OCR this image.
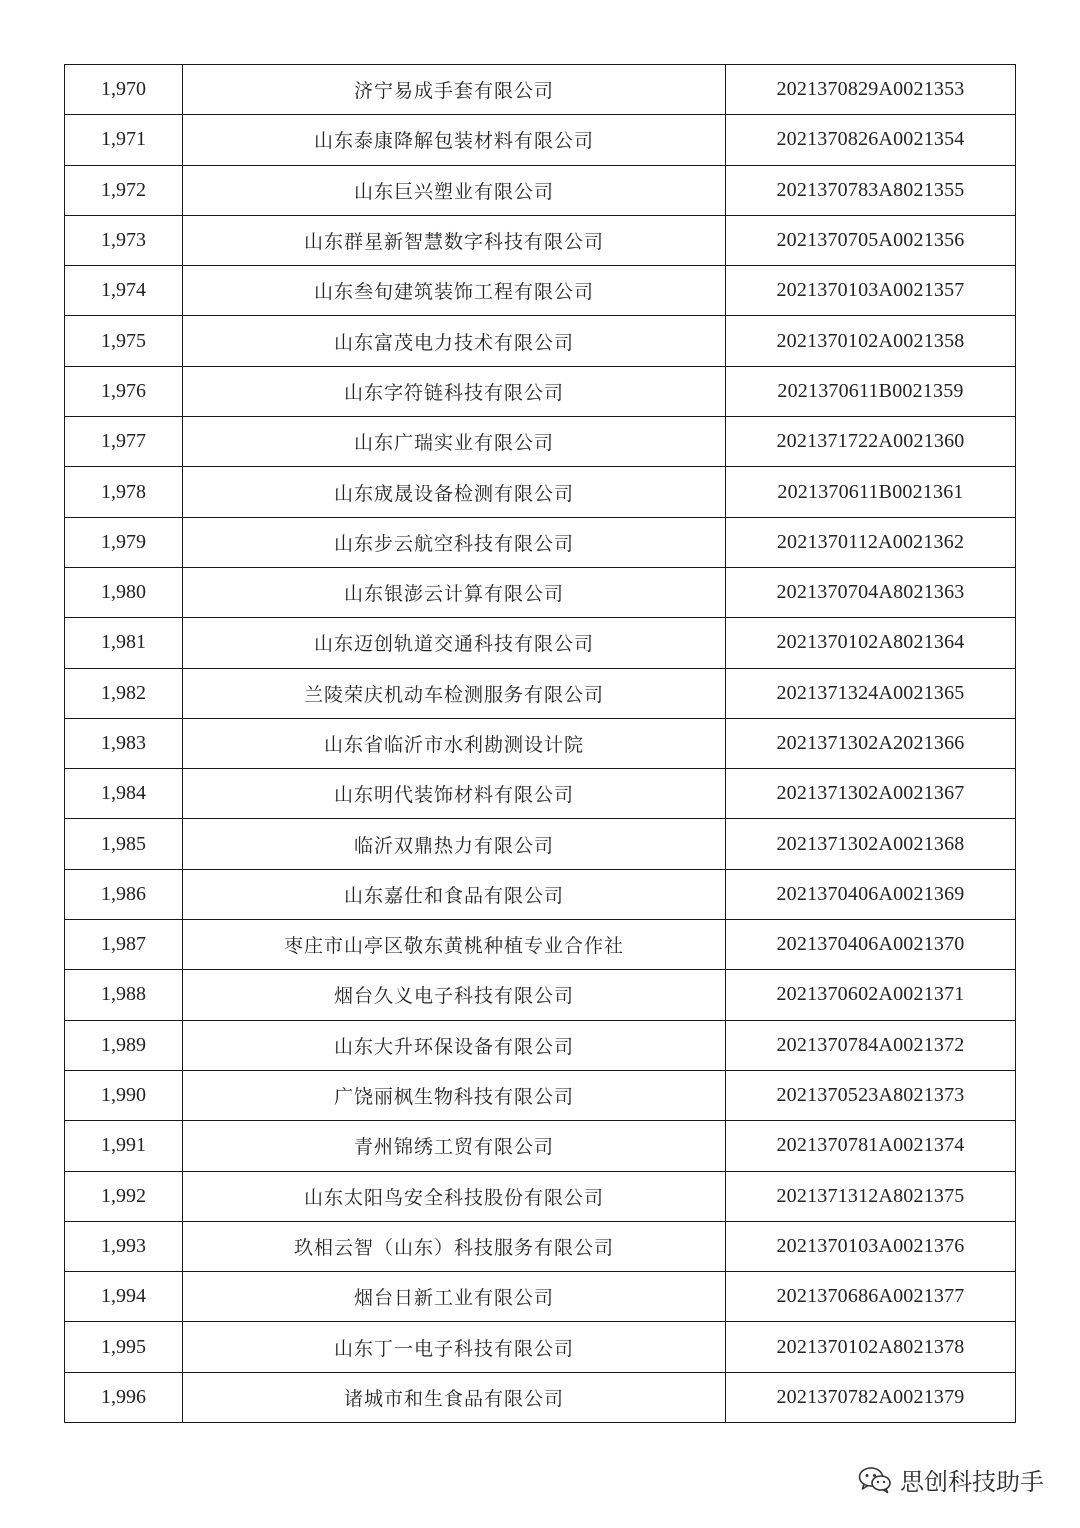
1,970	济宁易成手套有限公司	2021370829A0021353
1,971	山东泰康降解包装材料有限公司	2021370826A0021354
1,972	山东巨兴塑业有限公司	2021370783A8021355
1,973	山东群星新智慧数字科技有限公司	2021370705A0021356
1,974	山东叁旬建筑装饰工程有限公司	2021370103A0021357
1,975	山东富茂电力技术有限公司	2021370102A0021358
1,976	山东字符链科技有限公司	2021370611B0021359
1,977	山东广瑞实业有限公司	2021371722A0021360
1,978	山东宬晟设备检测有限公司	2021370611B0021361
1,979	山东步云航空科技有限公司	2021370112A0021362
1,980	山东银澎云计算有限公司	2021370704A8021363
1,981	山东迈创轨道交通科技有限公司	2021370102A8021364
1,982	兰陵荣庆机动车检测服务有限公司	2021371324A0021365
1,983	山东省临沂市水利勘测设计院	2021371302A2021366
1,984	山东明代装饰材料有限公司	2021371302A0021367
1,985	临沂双鼎热力有限公司	2021371302A0021368
1,986	山东嘉仕和食品有限公司	2021370406A0021369
1,987	枣庄市山亭区敬东黄桃种植专业合作社	2021370406A0021370
1,988	烟台久义电子科技有限公司	2021370602A0021371
1,989	山东大升环保设备有限公司	2021370784A0021372
1,990	广饶丽枫生物科技有限公司	2021370523A8021373
1,991	青州锦绣工贸有限公司	2021370781A0021374
1,992	山东太阳鸟安全科技股份有限公司	2021371312A8021375
1,993	玖相云智（山东）科技服务有限公司	2021370103A0021376
1,994	烟台日新工业有限公司	2021370686A0021377
1,995	山东丁一电子科技有限公司	2021370102A8021378
1,996	诸城市和生食品有限公司	2021370782A0021379
思创科技助手
